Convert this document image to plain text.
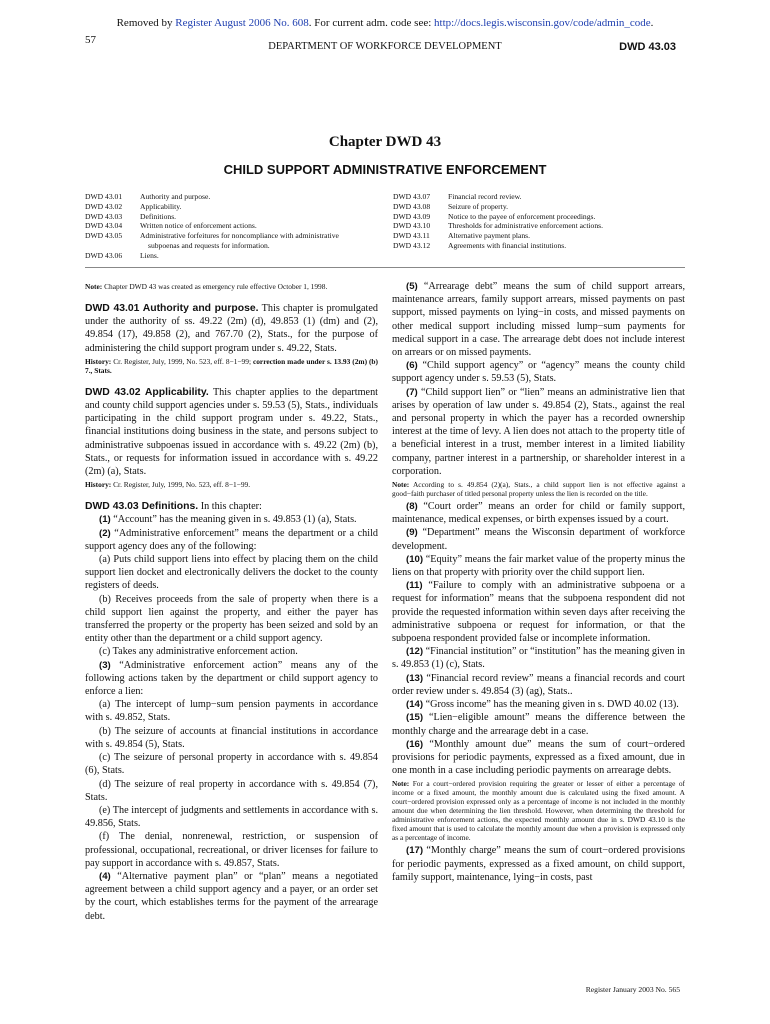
Removed by Register August 2006 No. 608. For current adm. code see: http://docs.legis.wisconsin.gov/code/admin_code.
57
DEPARTMENT OF WORKFORCE DEVELOPMENT	DWD 43.03
Chapter DWD 43
CHILD SUPPORT ADMINISTRATIVE ENFORCEMENT
DWD 43.01	Authority and purpose.
DWD 43.02	Applicability.
DWD 43.03	Definitions.
DWD 43.04	Written notice of enforcement actions.
DWD 43.05	Administrative forfeitures for noncompliance with administrative
subpoenas and requests for information.
DWD 43.06	Liens.
DWD 43.07	Financial record review.
DWD 43.08	Seizure of property.
DWD 43.09	Notice to the payee of enforcement proceedings.
DWD 43.10	Thresholds for administrative enforcement actions.
DWD 43.11	Alternative payment plans.
DWD 43.12	Agreements with financial institutions.

Note: Chapter DWD 43 was created as emergency rule effective October 1, 1998.

DWD 43.01 Authority and purpose. This chapter is promulgated under the authority of ss. 49.22 (2m) (d), 49.853 (1) (dm) and (2), 49.854 (17), 49.858 (2), and 767.70 (2), Stats., for the purpose of administering the child support program under s. 49.22, Stats.

History: Cr. Register, July, 1999, No. 523, eff. 8−1−99; correction made under s. 13.93 (2m) (b) 7., Stats.

DWD 43.02 Applicability. This chapter applies to the department and county child support agencies under s. 59.53 (5), Stats., individuals participating in the child support program under s. 49.22, Stats., financial institutions doing business in the state, and persons subject to administrative subpoenas issued in accordance with s. 49.22 (2m) (b), Stats., or requests for information issued in accordance with s. 49.22 (2m) (a), Stats.

History: Cr. Register, July, 1999, No. 523, eff. 8−1−99.

DWD 43.03 Definitions. In this chapter:

(1) “Account” has the meaning given in s. 49.853 (1) (a), Stats.

(2) “Administrative enforcement” means the department or a child support agency does any of the following:

(a) Puts child support liens into effect by placing them on the child support lien docket and electronically delivers the docket to the county registers of deeds.

(b) Receives proceeds from the sale of property when there is a child support lien against the property, and either the payer has transferred the property or the property has been seized and sold by an entity other than the department or a child support agency.

(c) Takes any administrative enforcement action.

(3) “Administrative enforcement action” means any of the following actions taken by the department or child support agency to enforce a lien:

(a) The intercept of lump−sum pension payments in accordance with s. 49.852, Stats.

(b) The seizure of accounts at financial institutions in accordance with s. 49.854 (5), Stats.

(c) The seizure of personal property in accordance with s. 49.854 (6), Stats.

(d) The seizure of real property in accordance with s. 49.854 (7), Stats.

(e) The intercept of judgments and settlements in accordance with s. 49.856, Stats.

(f) The denial, nonrenewal, restriction, or suspension of professional, occupational, recreational, or driver licenses for failure to pay support in accordance with s. 49.857, Stats.

(4) “Alternative payment plan” or “plan” means a negotiated agreement between a child support agency and a payer, or an order set by the court, which establishes terms for the payment of the arrearage debt.

(5) “Arrearage debt” means the sum of child support arrears, maintenance arrears, family support arrears, missed payments on past support, missed payments on lying−in costs, and missed payments on other medical support including missed lump−sum payments for medical support in a case. The arrearage debt does not include interest on arrears or on missed payments.

(6) “Child support agency” or “agency” means the county child support agency under s. 59.53 (5), Stats.

(7) “Child support lien” or “lien” means an administrative lien that arises by operation of law under s. 49.854 (2), Stats., against the real and personal property in which the payer has a recorded ownership interest at the time of levy. A lien does not attach to the property title of a beneficial interest in a trust, member interest in a limited liability company, partner interest in a partnership, or shareholder interest in a corporation.

Note: According to s. 49.854 (2)(a), Stats., a child support lien is not effective against a good−faith purchaser of titled personal property unless the lien is recorded on the title.

(8) “Court order” means an order for child or family support, maintenance, medical expenses, or birth expenses issued by a court.

(9) “Department” means the Wisconsin department of workforce development.

(10) “Equity” means the fair market value of the property minus the liens on that property with priority over the child support lien.

(11) “Failure to comply with an administrative subpoena or a request for information” means that the subpoena respondent did not provide the requested information within seven days after receiving the administrative subpoena or request for information, or that the subpoena respondent provided false or incomplete information.

(12) “Financial institution” or “institution” has the meaning given in s. 49.853 (1) (c), Stats.

(13) “Financial record review” means a financial records and court order review under s. 49.854 (3) (ag), Stats..

(14) “Gross income” has the meaning given in s. DWD 40.02 (13).

(15) “Lien−eligible amount” means the difference between the monthly charge and the arrearage debt in a case.

(16) “Monthly amount due” means the sum of court−ordered provisions for periodic payments, expressed as a fixed amount, due in one month in a case including periodic payments on arrearage debts.

Note: For a court−ordered provision requiring the greater or lesser of either a percentage of income or a fixed amount, the monthly amount due is calculated using the fixed amount. A court−ordered provision expressed only as a percentage of income is not included in the monthly amount due when determining the lien threshold. However, when determining the threshold for administrative enforcement actions, the expected monthly amount due in s. DWD 43.10 is the fixed amount that is used to calculate the monthly amount due when a provision is expressed only as a percentage of income.

(17) “Monthly charge” means the sum of court−ordered provisions for periodic payments, expressed as a fixed amount, on child support, family support, maintenance, lying−in costs, past

Register January 2003 No. 565
